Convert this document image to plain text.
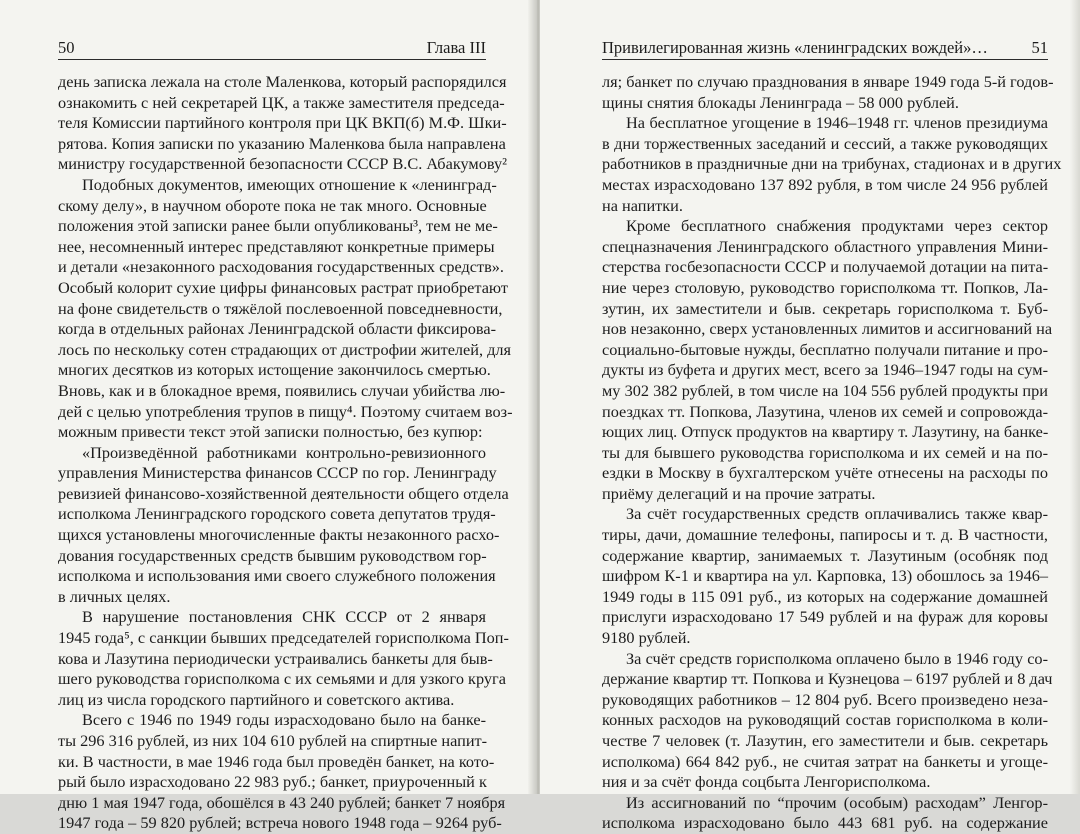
50	Глава III
день записка лежала на столе Маленкова, который распорядился
ознакомить с ней секретарей ЦК, а также заместителя председа-
теля Комиссии партийного контроля при ЦК ВКП(б) М.Ф. Шки-
рятова. Копия записки по указанию Маленкова была направлена
министру государственной безопасности СССР В.С. Абакумову²
Подобных документов, имеющих отношение к «ленинград-
скому делу», в научном обороте пока не так много. Основные
положения этой записки ранее были опубликованы³, тем не ме-
нее, несомненный интерес представляют конкретные примеры
и детали «незаконного расходования государственных средств».
Особый колорит сухие цифры финансовых растрат приобретают
на фоне свидетельств о тяжёлой послевоенной повседневности,
когда в отдельных районах Ленинградской области фиксирова-
лось по нескольку сотен страдающих от дистрофии жителей, для
многих десятков из которых истощение закончилось смертью.
Вновь, как и в блокадное время, появились случаи убийства лю-
дей с целью употребления трупов в пищу⁴. Поэтому считаем воз-
можным привести текст этой записки полностью, без купюр:
«Произведённой работниками контрольно-ревизионного
управления Министерства финансов СССР по гор. Ленинграду
ревизией финансово-хозяйственной деятельности общего отдела
исполкома Ленинградского городского совета депутатов трудя-
щихся установлены многочисленные факты незаконного расхо-
дования государственных средств бывшим руководством гор-
исполкома и использования ими своего служебного положения
в личных целях.
В нарушение постановления СНК СССР от 2 января
1945 года⁵, с санкции бывших председателей горисполкома Поп-
кова и Лазутина периодически устраивались банкеты для быв-
шего руководства горисполкома с их семьями и для узкого круга
лиц из числа городского партийного и советского актива.
Всего с 1946 по 1949 годы израсходовано было на банке-
ты 296 316 рублей, из них 104 610 рублей на спиртные напит-
ки. В частности, в мае 1946 года был проведён банкет, на кото-
рый было израсходовано 22 983 руб.; банкет, приуроченный к
дню 1 мая 1947 года, обошёлся в 43 240 рублей; банкет 7 ноября
1947 года – 59 820 рублей; встреча нового 1948 года – 9264 руб-
Привилегированная жизнь «ленинградских вождей»…	51
ля; банкет по случаю празднования в январе 1949 года 5-й годов-
щины снятия блокады Ленинграда – 58 000 рублей.
На бесплатное угощение в 1946–1948 гг. членов президиума
в дни торжественных заседаний и сессий, а также руководящих
работников в праздничные дни на трибунах, стадионах и в других
местах израсходовано 137 892 рубля, в том числе 24 956 рублей
на напитки.
Кроме бесплатного снабжения продуктами через сектор
спецназначения Ленинградского областного управления Мини-
стерства госбезопасности СССР и получаемой дотации на пита-
ние через столовую, руководство горисполкома тт. Попков, Ла-
зутин, их заместители и быв. секретарь горисполкома т. Буб-
нов незаконно, сверх установленных лимитов и ассигнований на
социально-бытовые нужды, бесплатно получали питание и про-
дукты из буфета и других мест, всего за 1946–1947 годы на сум-
му 302 382 рублей, в том числе на 104 556 рублей продукты при
поездках тт. Попкова, Лазутина, членов их семей и сопровожда-
ющих лиц. Отпуск продуктов на квартиру т. Лазутину, на банке-
ты для бывшего руководства горисполкома и их семей и на по-
ездки в Москву в бухгалтерском учёте отнесены на расходы по
приёму делегаций и на прочие затраты.
За счёт государственных средств оплачивались также квар-
тиры, дачи, домашние телефоны, папиросы и т. д. В частности,
содержание квартир, занимаемых т. Лазутиным (особняк под
шифром К-1 и квартира на ул. Карповка, 13) обошлось за 1946–
1949 годы в 115 091 руб., из которых на содержание домашней
прислуги израсходовано 17 549 рублей и на фураж для коровы
9180 рублей.
За счёт средств горисполкома оплачено было в 1946 году со-
держание квартир тт. Попкова и Кузнецова – 6197 рублей и 8 дач
руководящих работников – 12 804 руб. Всего произведено неза-
конных расходов на руководящий состав горисполкома в коли-
честве 7 человек (т. Лазутин, его заместители и быв. секретарь
исполкома) 664 842 руб., не считая затрат на банкеты и угоще-
ния и за счёт фонда соцбыта Ленгорисполкома.
Из ассигнований по “прочим (особым) расходам” Ленгор-
исполкома израсходовано было 443 681 руб. на содержание
